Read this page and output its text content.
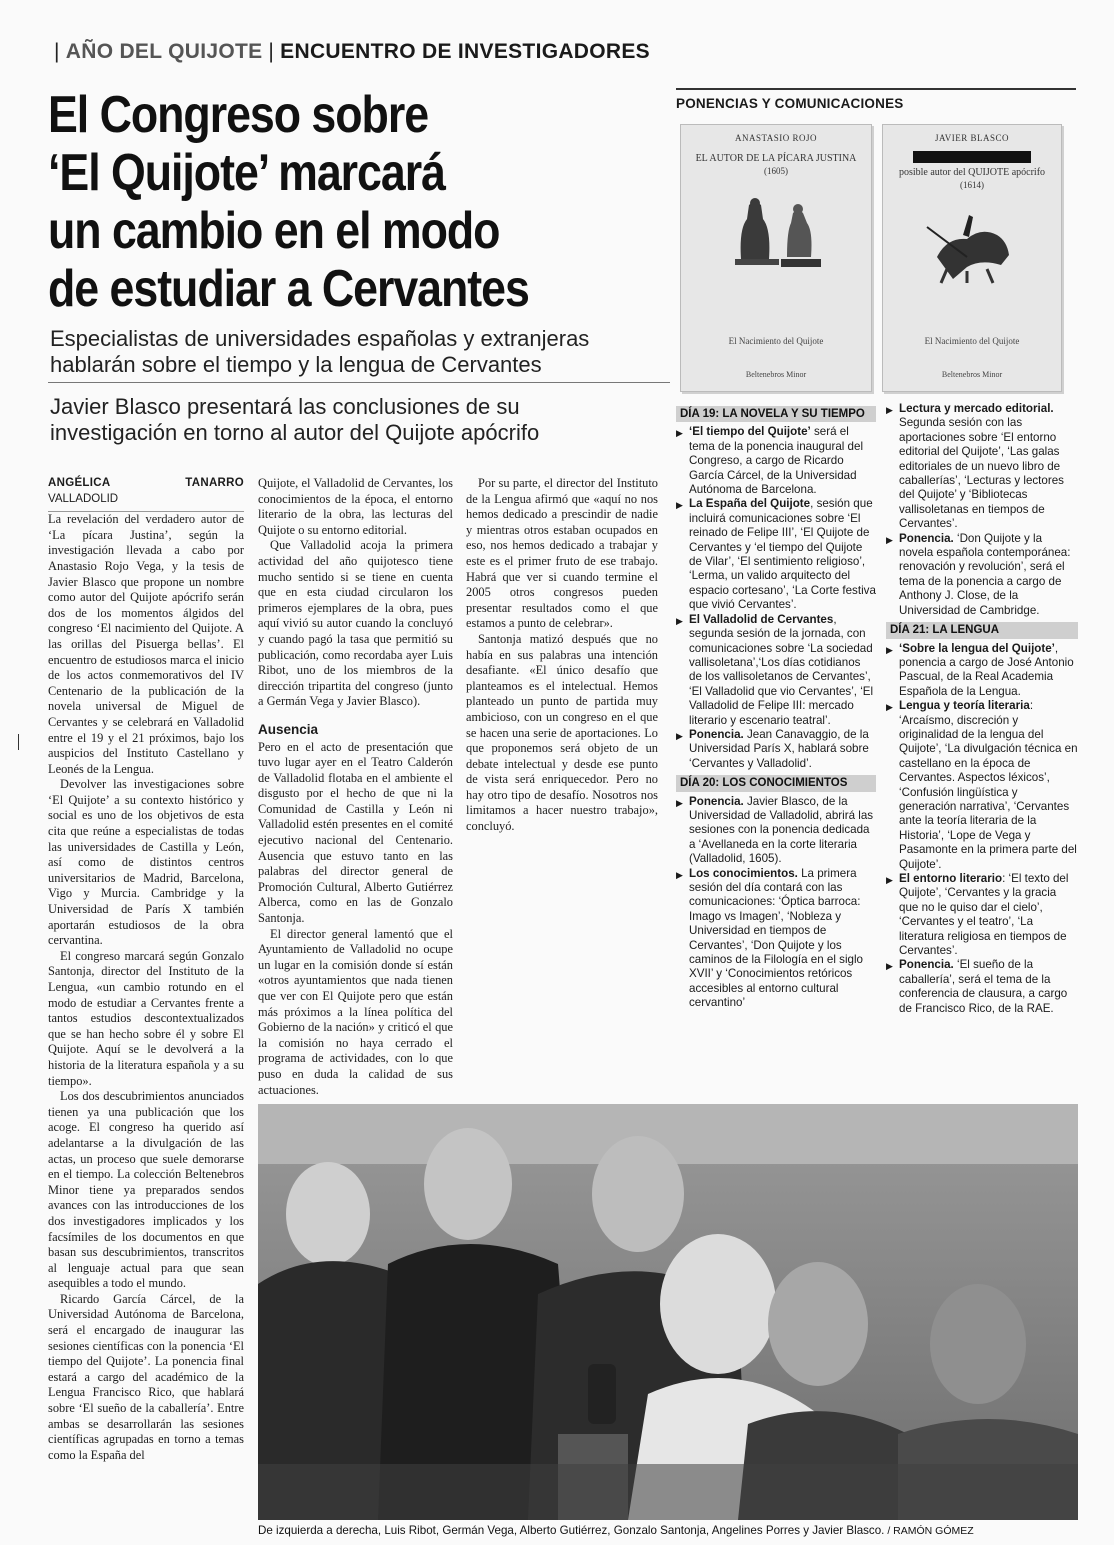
| AÑO DEL QUIJOTE | ENCUENTRO DE INVESTIGADORES
El Congreso sobre
‘El Quijote’ marcará
un cambio en el modo
de estudiar a Cervantes
Especialistas de universidades españolas y extranjeras hablarán sobre el tiempo y la lengua de Cervantes
Javier Blasco presentará las conclusiones de su investigación en torno al autor del Quijote apócrifo

ANGÉLICA TANARRO VALLADOLID

La revelación del verdadero autor de ‘La pícara Justina’, según la investigación llevada a cabo por Anastasio Rojo Vega, y la tesis de Javier Blasco que propone un nombre como autor del Quijote apócrifo serán dos de los momentos álgidos del congreso ‘El nacimiento del Quijote. A las orillas del Pisuerga bellas’. El encuentro de estudiosos marca el inicio de los actos conmemorativos del IV Centenario de la publicación de la novela universal de Miguel de Cervantes y se celebrará en Valladolid entre el 19 y el 21 próximos, bajo los auspicios del Instituto Castellano y Leonés de la Lengua.

Devolver las investigaciones sobre ‘El Quijote’ a su contexto histórico y social es uno de los objetivos de esta cita que reúne a especialistas de todas las universidades de Castilla y León, así como de distintos centros universitarios de Madrid, Barcelona, Vigo y Murcia. Cambridge y la Universidad de París X también aportarán estudiosos de la obra cervantina.

El congreso marcará según Gonzalo Santonja, director del Instituto de la Lengua, «un cambio rotundo en el modo de estudiar a Cervantes frente a tantos estudios descontextualizados que se han hecho sobre él y sobre El Quijote. Aquí se le devolverá a la historia de la literatura española y a su tiempo».

Los dos descubrimientos anunciados tienen ya una publicación que los acoge. El congreso ha querido así adelantarse a la divulgación de las actas, un proceso que suele demorarse en el tiempo. La colección Beltenebros Minor tiene ya preparados sendos avances con las introducciones de los dos investigadores implicados y los facsímiles de los documentos en que basan sus descubrimientos, transcritos al lenguaje actual para que sean asequibles a todo el mundo.

Ricardo García Cárcel, de la Universidad Autónoma de Barcelona, será el encargado de inaugurar las sesiones científicas con la ponencia ‘El tiempo del Quijote’. La ponencia final estará a cargo del académico de la Lengua Francisco Rico, que hablará sobre ‘El sueño de la caballería’. Entre ambas se desarrollarán las sesiones científicas agrupadas en torno a temas como la España del

Quijote, el Valladolid de Cervantes, los conocimientos de la época, el entorno literario de la obra, las lecturas del Quijote o su entorno editorial.

Que Valladolid acoja la primera actividad del año quijotesco tiene mucho sentido si se tiene en cuenta que en esta ciudad circularon los primeros ejemplares de la obra, pues aquí vivió su autor cuando la concluyó y cuando pagó la tasa que permitió su publicación, como recordaba ayer Luis Ribot, uno de los miembros de la dirección tripartita del congreso (junto a Germán Vega y Javier Blasco).

Ausencia

Pero en el acto de presentación que tuvo lugar ayer en el Teatro Calderón de Valladolid flotaba en el ambiente el disgusto por el hecho de que ni la Comunidad de Castilla y León ni Valladolid estén presentes en el comité ejecutivo nacional del Centenario. Ausencia que estuvo tanto en las palabras del director general de Promoción Cultural, Alberto Gutiérrez Alberca, como en las de Gonzalo Santonja.

El director general lamentó que el Ayuntamiento de Valladolid no ocupe un lugar en la comisión donde sí están «otros ayuntamientos que nada tienen que ver con El Quijote pero que están más próximos a la línea política del Gobierno de la nación» y criticó el que la comisión no haya cerrado el programa de actividades, con lo que puso en duda la calidad de sus actuaciones.

Por su parte, el director del Instituto de la Lengua afirmó que «aquí no nos hemos dedicado a prescindir de nadie y mientras otros estaban ocupados en eso, nos hemos dedicado a trabajar y este es el primer fruto de ese trabajo. Habrá que ver si cuando termine el 2005 otros congresos pueden presentar resultados como el que estamos a punto de celebrar».

Santonja matizó después que no había en sus palabras una intención desafiante. «El único desafío que planteamos es el intelectual. Hemos planteado un punto de partida muy ambicioso, con un congreso en el que se hacen una serie de aportaciones. Lo que proponemos será objeto de un debate intelectual y desde ese punto de vista será enriquecedor. Pero no hay otro tipo de desafío. Nosotros nos limitamos a hacer nuestro trabajo», concluyó.

PONENCIAS Y COMUNICACIONES
ANASTASIO ROJO
EL AUTOR DE LA PÍCARA JUSTINA
(1605)
El Nacimiento del Quijote
Beltenebros Minor
JAVIER BLASCO
posible autor del QUIJOTE apócrifo
(1614)
El Nacimiento del Quijote
Beltenebros Minor
DÍA 19: LA NOVELA Y SU TIEMPO
▶ ‘El tiempo del Quijote’ será el tema de la ponencia inaugural del Congreso, a cargo de Ricardo García Cárcel, de la Universidad Autónoma de Barcelona.
▶ La España del Quijote, sesión que incluirá comunicaciones sobre ‘El reinado de Felipe III’, ‘El Quijote de Cervantes y ‘el tiempo del Quijote de Vilar’, ‘El sentimiento religioso’, ‘Lerma, un valido arquitecto del espacio cortesano’, ‘La Corte festiva que vivió Cervantes’.
▶ El Valladolid de Cervantes, segunda sesión de la jornada, con comunicaciones sobre ‘La sociedad vallisoletana’,‘Los días cotidianos de los vallisoletanos de Cervantes’, ‘El Valladolid que vio Cervantes’, ‘El Valladolid de Felipe III: mercado literario y escenario teatral’.
▶ Ponencia. Jean Canavaggio, de la Universidad París X, hablará sobre ‘Cervantes y Valladolid’.
DÍA 20: LOS CONOCIMIENTOS
▶ Ponencia. Javier Blasco, de la Universidad de Valladolid, abrirá las sesiones con la ponencia dedicada a ‘Avellaneda en la corte literaria (Valladolid, 1605).
▶ Los conocimientos. La primera sesión del día contará con las comunicaciones: ‘Óptica barroca: Imago vs Imagen’, ‘Nobleza y Universidad en tiempos de Cervantes’, ‘Don Quijote y los caminos de la Filología en el siglo XVII’ y ‘Conocimientos retóricos accesibles al entorno cultural cervantino’
▶ Lectura y mercado editorial. Segunda sesión con las aportaciones sobre ‘El entorno editorial del Quijote’, ‘Las galas editoriales de un nuevo libro de caballerías’, ‘Lecturas y lectores del Quijote’ y ‘Bibliotecas vallisoletanas en tiempos de Cervantes’.
▶ Ponencia. ‘Don Quijote y la novela española contemporánea: renovación y revolución’, será el tema de la ponencia a cargo de Anthony J. Close, de la Universidad de Cambridge.
DÍA 21: LA LENGUA
▶ ‘Sobre la lengua del Quijote’, ponencia a cargo de José Antonio Pascual, de la Real Academia Española de la Lengua.
▶ Lengua y teoría literaria: ‘Arcaísmo, discreción y originalidad de la lengua del Quijote’, ‘La divulgación técnica en castellano en la época de Cervantes. Aspectos léxicos’, ‘Confusión lingüística y generación narrativa’, ‘Cervantes ante la teoría literaria de la Historia’, ‘Lope de Vega y Pasamonte en la primera parte del Quijote’.
▶ El entorno literario: ‘El texto del Quijote’, ‘Cervantes y la gracia que no le quiso dar el cielo’, ‘Cervantes y el teatro’, ‘La literatura religiosa en tiempos de Cervantes’.
▶ Ponencia. ‘El sueño de la caballería’, será el tema de la conferencia de clausura, a cargo de Francisco Rico, de la RAE.
De izquierda a derecha, Luis Ribot, Germán Vega, Alberto Gutiérrez, Gonzalo Santonja, Angelines Porres y Javier Blasco. / RAMÓN GÓMEZ
